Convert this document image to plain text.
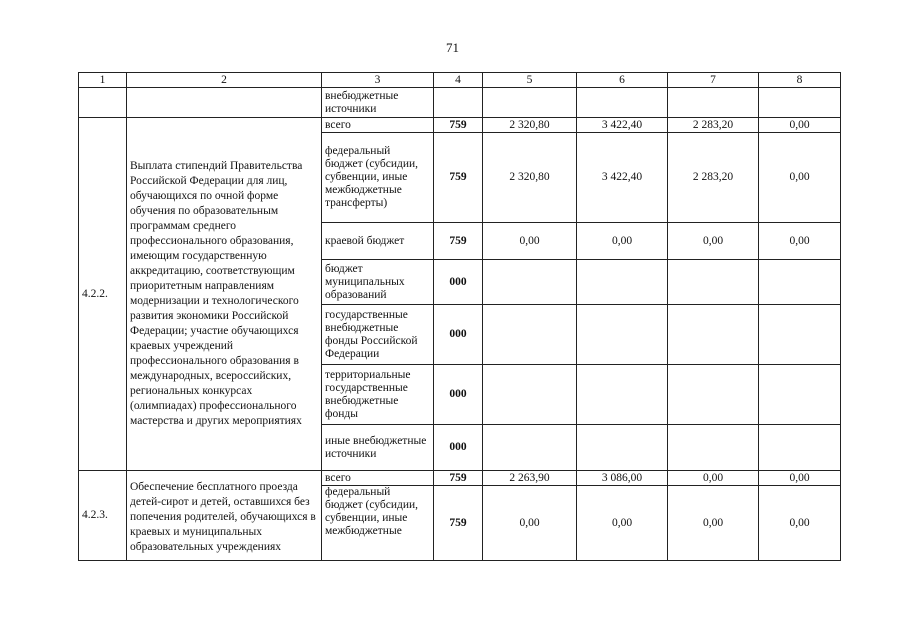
71
1	2	3	4	5	6	7	8
		внебюджетные источники					
4.2.2.	Выплата стипендий Правительства Российской Федерации для лиц, обучающихся по очной форме обучения по образовательным программам среднего профессионального образования, имеющим государственную аккредитацию, соответствующим приоритетным направлениям модернизации и технологического развития экономики Российской Федерации; участие обучающихся краевых учреждений профессионального образования в международных, всероссийских, региональных конкурсах (олимпиадах) профессионального мастерства и других мероприятиях	всего	759	2 320,80	3 422,40	2 283,20	0,00
		федеральный бюджет (субсидии, субвенции, иные межбюджетные трансферты)	759	2 320,80	3 422,40	2 283,20	0,00
		краевой бюджет	759	0,00	0,00	0,00	0,00
		бюджет муниципальных образований	000				
		государственные внебюджетные фонды Российской Федерации	000				
		территориальные государственные внебюджетные фонды	000				
		иные внебюджетные источники	000				
4.2.3.	Обеспечение бесплатного проезда детей-сирот и детей, оставшихся без попечения родителей, обучающихся в краевых и муниципальных образовательных учреждениях	всего	759	2 263,90	3 086,00	0,00	0,00
		федеральный бюджет (субсидии, субвенции, иные межбюджетные	759	0,00	0,00	0,00	0,00
